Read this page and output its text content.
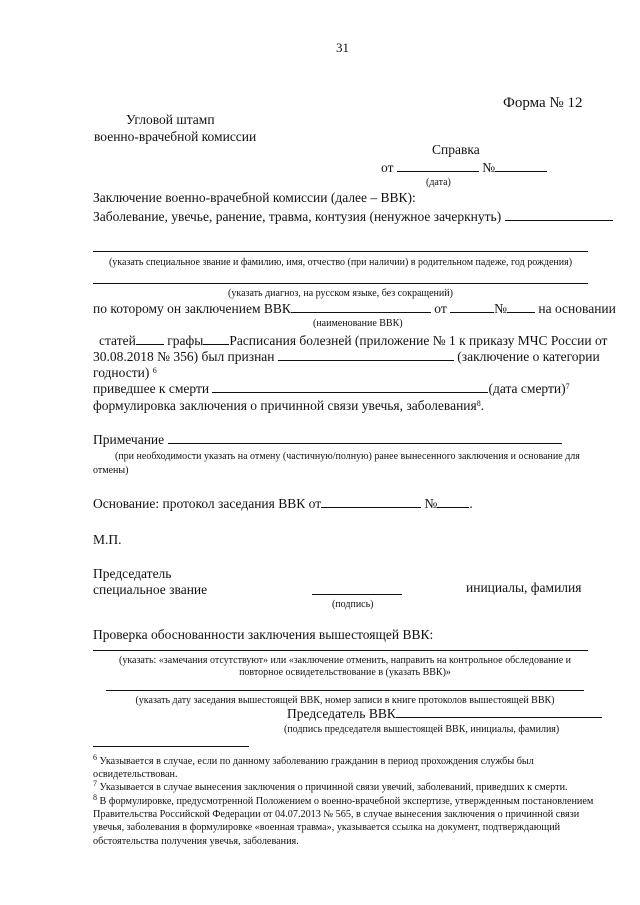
31
Форма № 12
Угловой штамп
военно-врачебной комиссии
Справка
от	№
(дата)
Заключение военно-врачебной комиссии (далее – ВВК):
Заболевание, увечье, ранение, травма, контузия (ненужное зачеркнуть)
(указать специальное звание и фамилию, имя, отчество (при наличии) в родительном падеже, год рождения)
(указать диагноз, на русском языке, без сокращений)
по которому он заключением ВВК	от	№ на основании
(наименование ВВК)
статей графы Расписания болезней (приложение № 1 к приказу МЧС России от
30.08.2018 № 356) был признан	(заключение о категории
годности) $^6$
приведшее к смерти	(дата смерти)$^7$
формулировка заключения о причинной связи увечья, заболевания$^8$.
Примечание
(при необходимости указать на отмену (частичную/полную) ранее вынесенного заключения и основание для отмены)
Основание: протокол заседания ВВК от	№ .
М.П.
Председатель
специальное звание
(подпись)
инициалы, фамилия
Проверка обоснованности заключения вышестоящей ВВК:
(указать: «замечания отсутствуют» или «заключение отменить, направить на контрольное обследование и повторное освидетельствование в (указать ВВК)»
(указать дату заседания вышестоящей ВВК, номер записи в книге протоколов вышестоящей ВВК)
Председатель ВВК
(подпись председателя вышестоящей ВВК, инициалы, фамилия)
$^6$ Указывается в случае, если по данному заболеванию гражданин в период прохождения службы был освидетельствован.
$^7$ Указывается в случае вынесения заключения о причинной связи увечий, заболеваний, приведших к смерти.
$^8$ В формулировке, предусмотренной Положением о военно-врачебной экспертизе, утвержденным постановлением Правительства Российской Федерации от 04.07.2013 № 565, в случае вынесения заключения о причинной связи увечья, заболевания в формулировке «военная травма», указывается ссылка на документ, подтверждающий обстоятельства получения увечья, заболевания.
